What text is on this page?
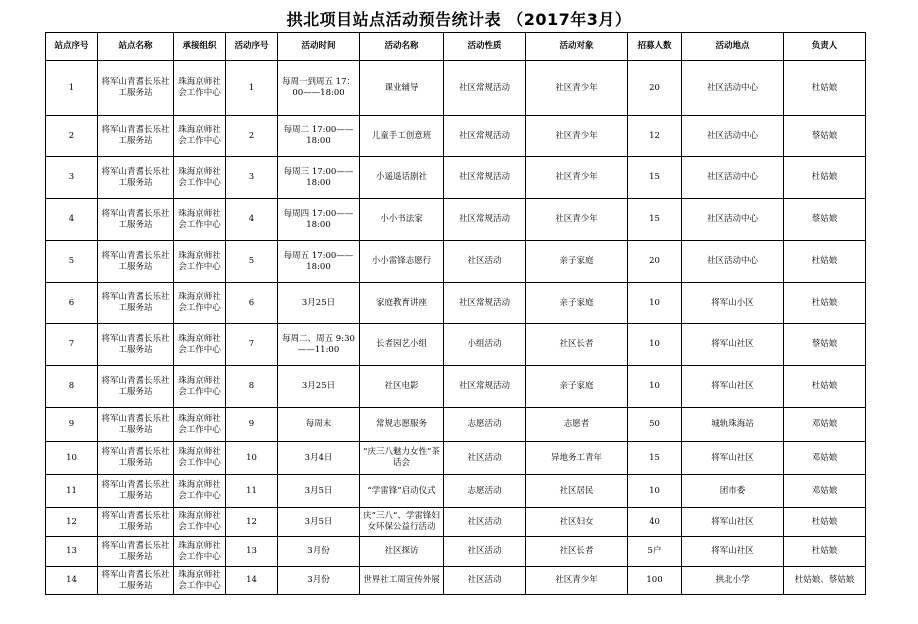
拱北项目站点活动预告统计表 （2017年3月）
站点序号	站点名称	承接组织	活动序号	活动时间	活动名称	活动性质	活动对象	招募人数	活动地点	负责人
1	将军山青耆长乐社工服务站	珠海京师社会工作中心	1	每周一到周五 17：00——18:00	课业辅导	社区常规活动	社区青少年	20	社区活动中心	杜姑娘
2	将军山青耆长乐社工服务站	珠海京师社会工作中心	2	每周二 17:00——18:00	儿童手工创意班	社区常规活动	社区青少年	12	社区活动中心	蔡姑娘
3	将军山青耆长乐社工服务站	珠海京师社会工作中心	3	每周三 17:00——18:00	小遥遥话剧社	社区常规活动	社区青少年	15	社区活动中心	杜姑娘
4	将军山青耆长乐社工服务站	珠海京师社会工作中心	4	每周四 17:00——18:00	小小书法家	社区常规活动	社区青少年	15	社区活动中心	蔡姑娘
5	将军山青耆长乐社工服务站	珠海京师社会工作中心	5	每周五 17:00——18:00	小小雷锋志愿行	社区活动	亲子家庭	20	社区活动中心	杜姑娘
6	将军山青耆长乐社工服务站	珠海京师社会工作中心	6	3月25日	家庭教育讲座	社区常规活动	亲子家庭	10	将军山小区	杜姑娘
7	将军山青耆长乐社工服务站	珠海京师社会工作中心	7	每周二、周五 9:30——11:00	长者园艺小组	小组活动	社区长者	10	将军山社区	蔡姑娘
8	将军山青耆长乐社工服务站	珠海京师社会工作中心	8	3月25日	社区电影	社区常规活动	亲子家庭	10	将军山社区	杜姑娘
9	将军山青耆长乐社工服务站	珠海京师社会工作中心	9	每周末	常规志愿服务	志愿活动	志愿者	50	城轨珠海站	邓姑娘
10	将军山青耆长乐社工服务站	珠海京师社会工作中心	10	3月4日	“庆三八魅力女性”茶话会	社区活动	异地务工青年	15	将军山社区	邓姑娘
11	将军山青耆长乐社工服务站	珠海京师社会工作中心	11	3月5日	“学雷锋”启动仪式	志愿活动	社区居民	10	团市委	邓姑娘
12	将军山青耆长乐社工服务站	珠海京师社会工作中心	12	3月5日	庆”三八“、学雷锋妇女环保公益行活动	社区活动	社区妇女	40	将军山社区	杜姑娘
13	将军山青耆长乐社工服务站	珠海京师社会工作中心	13	3月份	社区探访	社区活动	社区长者	5户	将军山社区	杜姑娘
14	将军山青耆长乐社工服务站	珠海京师社会工作中心	14	3月份	世界社工周宣传外展	社区活动	社区青少年	100	拱北小学	杜姑娘、蔡姑娘
